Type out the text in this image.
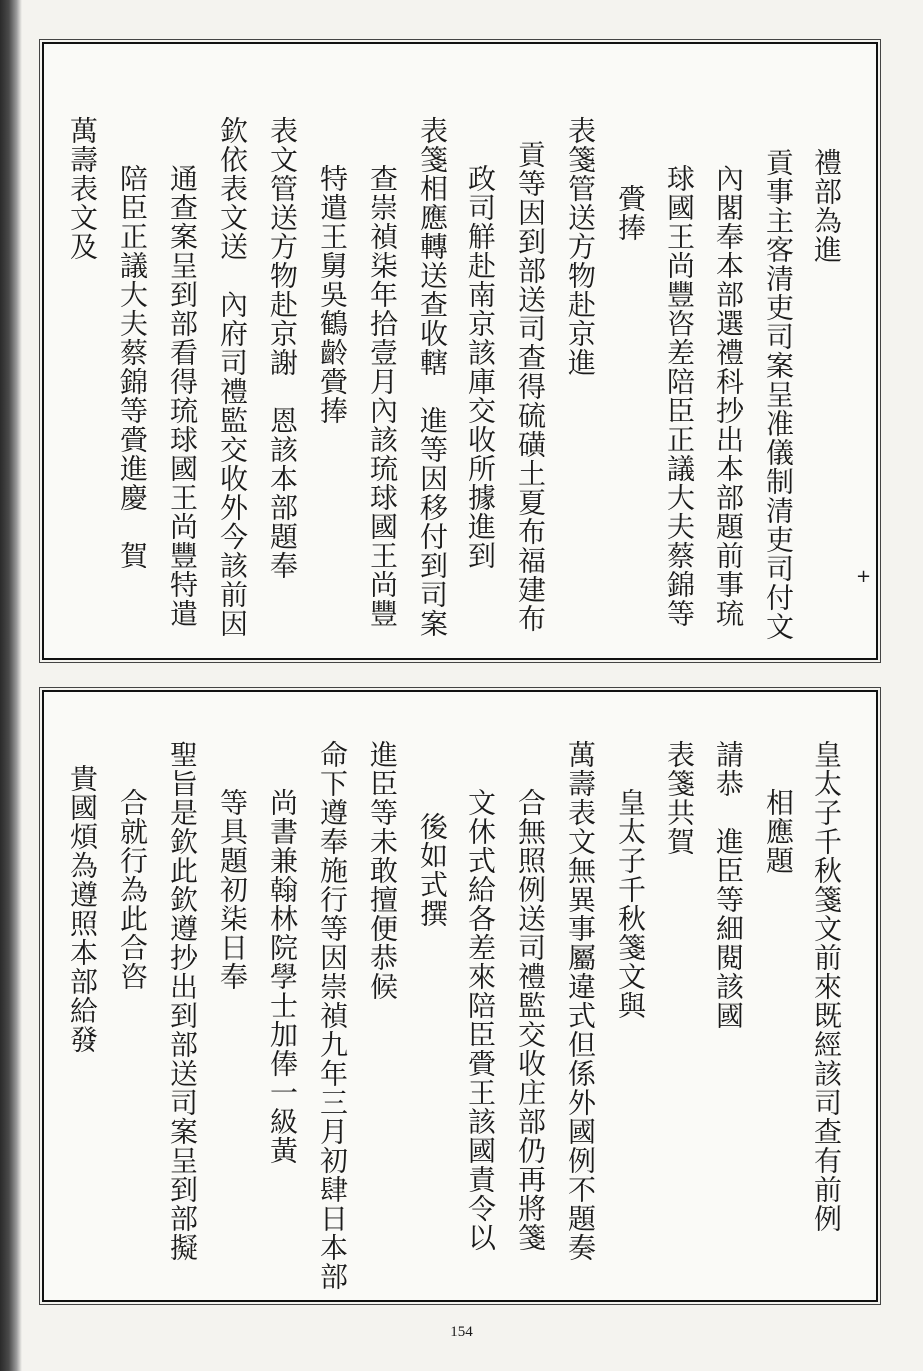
禮部為進
貢事主客清吏司案呈准儀制清吏司付文
內閣奉本部選禮科抄出本部題前事琉
球國王尚豐咨差陪臣正議大夫蔡錦等
賫捧
表箋管送方物赴京進
貢等因到部送司查得硫磺土夏布福建布
政司觧赴南京該庫交收所據進到
表箋相應轉送查收轄　進等因移付到司案
查崇禎柒年拾壹月內該琉球國王尚豐
特遣王舅吳鶴齡賫捧
表文管送方物赴京謝　恩該本部題奉
欽依表文送　內府司禮監交收外今該前因
通查案呈到部看得琉球國王尚豐特遣
陪臣正議大夫蔡錦等賫進慶　賀
萬壽表文及
+
皇太子千秋箋文前來既經該司查有前例
相應題
請恭　進臣等細閱該國
表箋共賀
皇太子千秋箋文與
萬壽表文無異事屬違式但係外國例不題奏
合無照例送司禮監交收庄部仍再將箋
文休式給各差來陪臣賫王該國責令以
後如式撰
進臣等未敢擅便恭候
命下遵奉施行等因崇禎九年三月初肆日本部
尚書兼翰林院學士加俸一級黃
等具題初柒日奉
聖旨是欽此欽遵抄出到部送司案呈到部擬
合就行為此合咨
貴國煩為遵照本部給發
154
